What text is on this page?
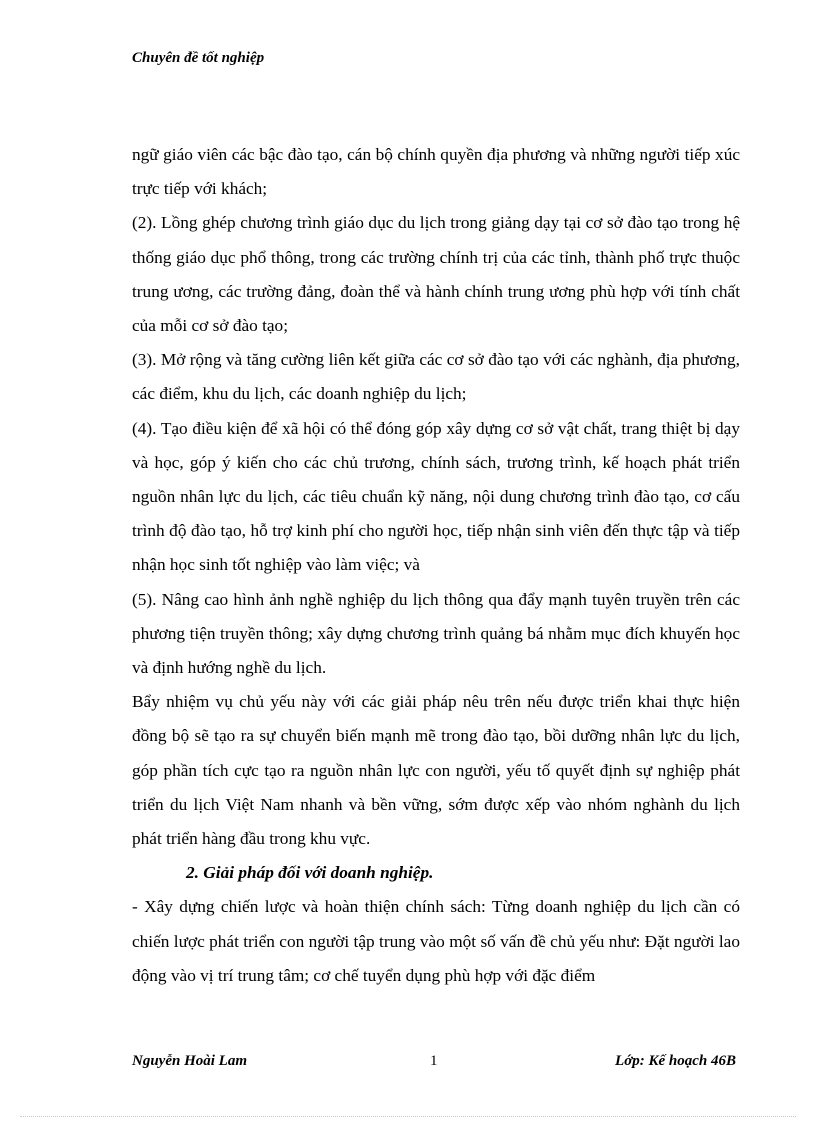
Chuyên đề tốt nghiệp

ngữ giáo viên các bậc đào tạo, cán bộ chính quyền địa phương và những người tiếp xúc trực tiếp với khách;

(2). Lồng ghép chương trình giáo dục du lịch trong giảng dạy tại cơ sở đào tạo trong hệ thống giáo dục phổ thông, trong các trường chính trị của các tỉnh, thành phố trực thuộc trung ương, các trường đảng, đoàn thể và hành chính trung ương phù hợp với tính chất của mỗi cơ sở đào tạo;

(3). Mở rộng và tăng cường liên kết giữa các cơ sở đào tạo với các nghành, địa phương, các điểm, khu du lịch, các doanh nghiệp du lịch;

(4). Tạo điều kiện để xã hội có thể đóng góp xây dựng cơ sở vật chất, trang thiệt bị dạy và học, góp ý kiến cho các chủ trương, chính sách, trương trình, kế hoạch phát triển nguồn nhân lực du lịch, các tiêu chuẩn kỹ năng, nội dung chương trình đào tạo, cơ cấu trình độ đào tạo, hỗ trợ kinh phí cho người học, tiếp nhận sinh viên đến thực tập và tiếp nhận học sinh tốt nghiệp vào làm việc; và

(5). Nâng cao hình ảnh nghề nghiệp du lịch thông qua đẩy mạnh tuyên truyền trên các phương tiện truyền thông; xây dựng chương trình quảng bá nhằm mục đích khuyến học và định hướng nghề du lịch.

Bẩy nhiệm vụ chủ yếu này với các giải pháp nêu trên nếu được triển khai thực hiện đồng bộ sẽ tạo ra sự chuyển biến mạnh mẽ trong đào tạo, bồi dưỡng nhân lực du lịch, góp phần tích cực tạo ra nguồn nhân lực con người, yếu tố quyết định sự nghiệp phát triển du lịch Việt Nam nhanh và bền vững, sớm được xếp vào nhóm nghành du lịch phát triển hàng đầu trong khu vực.

2. Giải pháp đối với doanh nghiệp.

- Xây dựng chiến lược và hoàn thiện chính sách: Từng doanh nghiệp du lịch cần có chiến lược phát triển con người tập trung vào một số vấn đề chủ yếu như: Đặt người lao động vào vị trí trung tâm; cơ chế tuyển dụng phù hợp với đặc điểm

Nguyễn Hoài Lam	1	Lớp: Kế hoạch 46B
